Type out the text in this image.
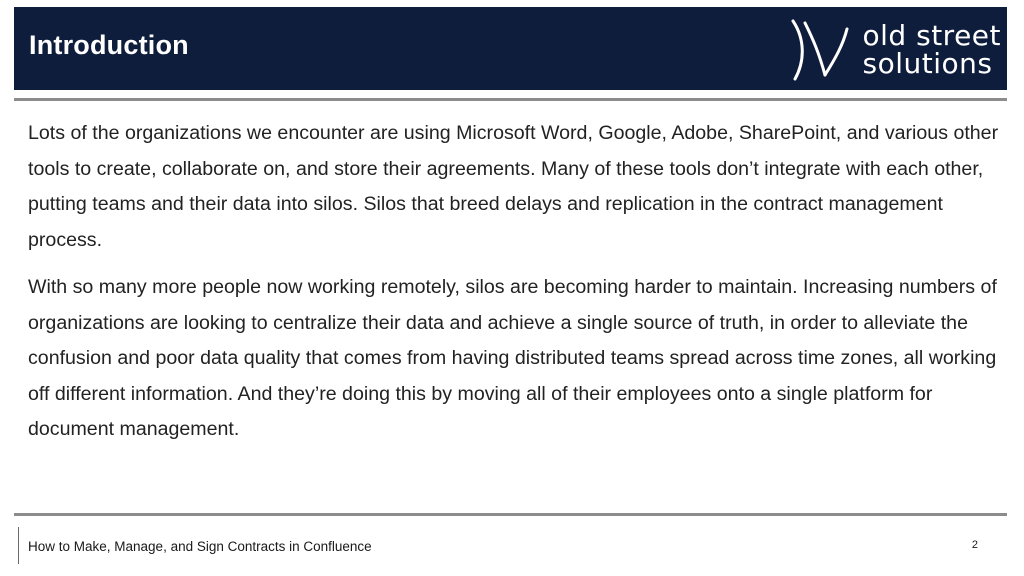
Introduction	old street
solutions

Lots of the organizations we encounter are using Microsoft Word, Google, Adobe, SharePoint, and various other tools to create, collaborate on, and store their agreements. Many of these tools don’t integrate with each other, putting teams and their data into silos. Silos that breed delays and replication in the contract management process.

With so many more people now working remotely, silos are becoming harder to maintain. Increasing numbers of organizations are looking to centralize their data and achieve a single source of truth, in order to alleviate the confusion and poor data quality that comes from having distributed teams spread across time zones, all working off different information. And they’re doing this by moving all of their employees onto a single platform for document management.

How to Make, Manage, and Sign Contracts in Confluence	2
